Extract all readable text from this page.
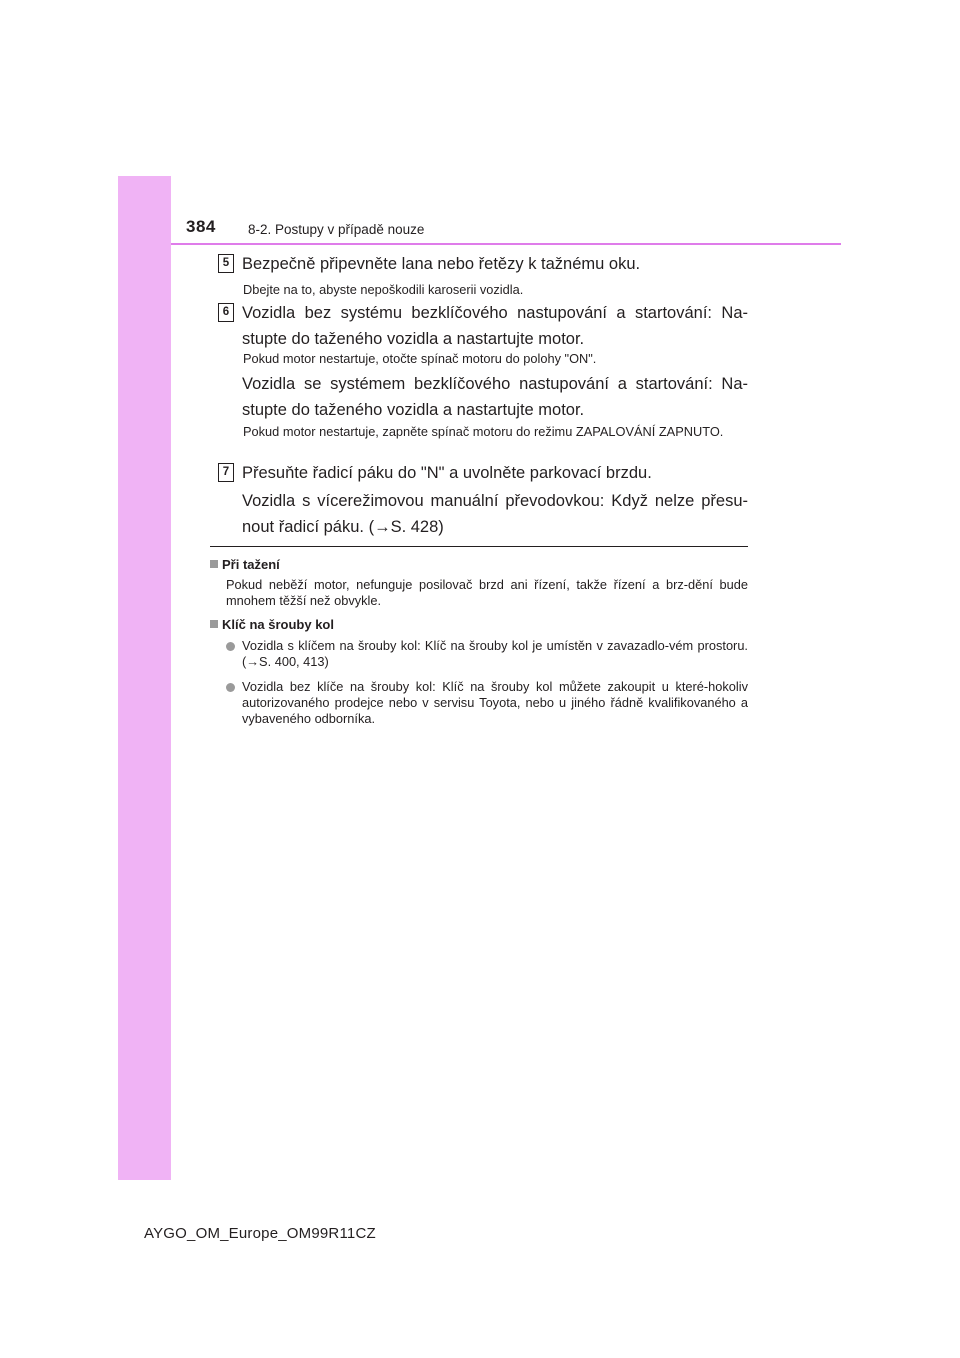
384 8-2. Postupy v případě nouze
5 Bezpečně připevněte lana nebo řetězy k tažnému oku.
Dbejte na to, abyste nepoškodili karoserii vozidla.
6 Vozidla bez systému bezklíčového nastupování a startování: Na-stupte do taženého vozidla a nastartujte motor.
Pokud motor nestartuje, otočte spínač motoru do polohy "ON".
Vozidla se systémem bezklíčového nastupování a startování: Na-stupte do taženého vozidla a nastartujte motor.
Pokud motor nestartuje, zapněte spínač motoru do režimu ZAPALOVÁNÍ ZAPNUTO.
7 Přesuňte řadicí páku do "N" a uvolněte parkovací brzdu.
Vozidla s vícerežimovou manuální převodovkou: Když nelze přesu-nout řadicí páku. (→S. 428)
Při tažení
Pokud neběží motor, nefunguje posilovač brzd ani řízení, takže řízení a brz-dění bude mnohem těžší než obvykle.
Klíč na šrouby kol
Vozidla s klíčem na šrouby kol: Klíč na šrouby kol je umístěn v zavazadlo-vém prostoru. (→S. 400, 413)
Vozidla bez klíče na šrouby kol: Klíč na šrouby kol můžete zakoupit u které-hokoliv autorizovaného prodejce nebo v servisu Toyota, nebo u jiného řádně kvalifikovaného a vybaveného odborníka.
AYGO_OM_Europe_OM99R11CZ
